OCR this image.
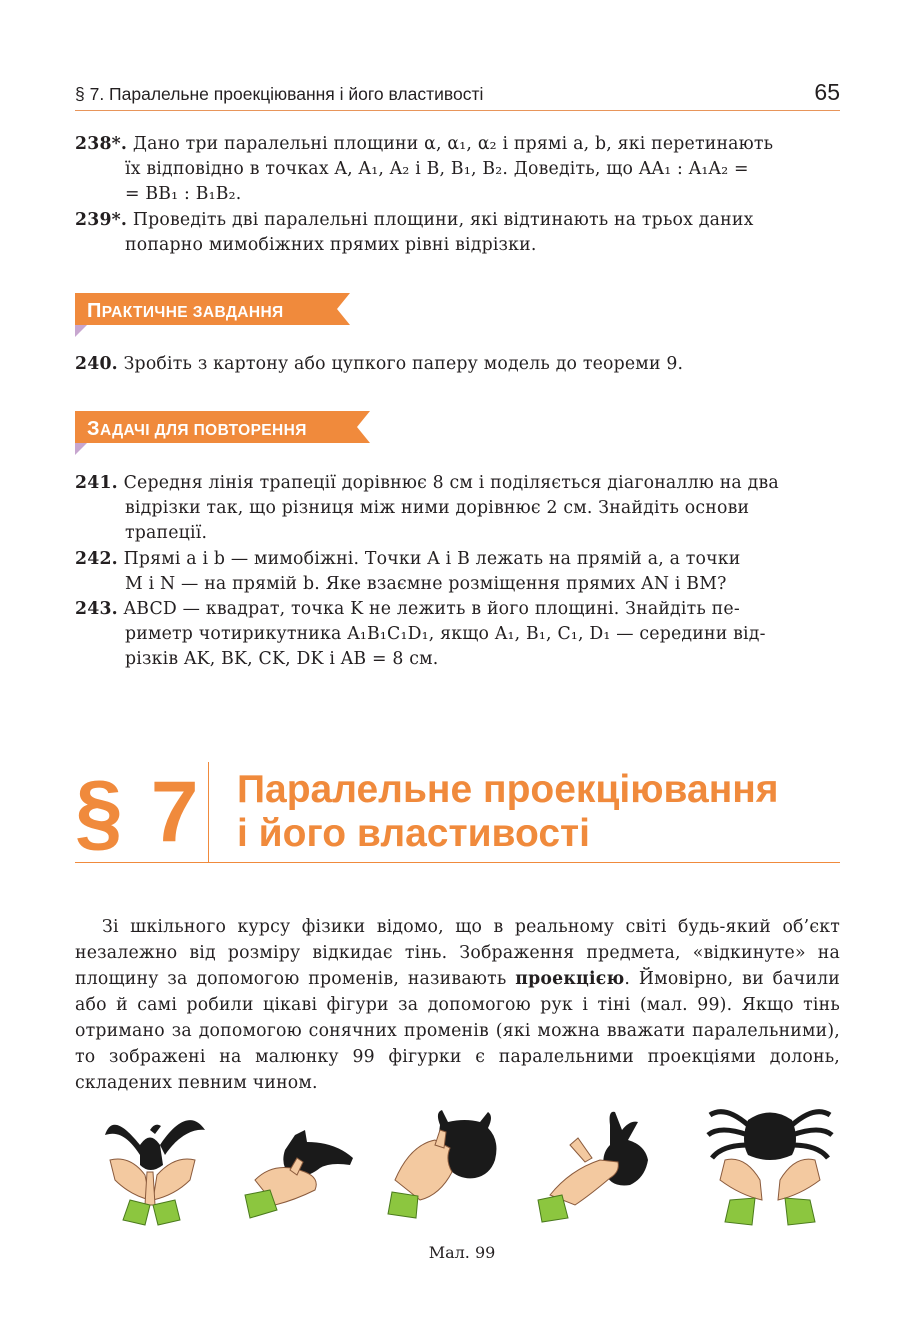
§ 7. Паралельне проекціювання і його властивості	65
238*. Дано три паралельні площини α, α₁, α₂ і прямі a, b, які перетинають
їх відповідно в точках A, A₁, A₂ і B, B₁, B₂. Доведіть, що AA₁ : A₁A₂ =
= BB₁ : B₁B₂.
239*. Проведіть дві паралельні площини, які відтинають на трьох даних
попарно мимобіжних прямих рівні відрізки.
ПРАКТИЧНЕ ЗАВДАННЯ
240. Зробіть з картону або цупкого паперу модель до теореми 9.
ЗАДАЧІ ДЛЯ ПОВТОРЕННЯ
241. Середня лінія трапеції дорівнює 8 см і поділяється діагоналлю на два
відрізки так, що різниця між ними дорівнює 2 см. Знайдіть основи
трапеції.
242. Прямі a і b — мимобіжні. Точки A і B лежать на прямій a, а точки
M і N — на прямій b. Яке взаємне розміщення прямих AN і BM?
243. ABCD — квадрат, точка K не лежить в його площині. Знайдіть пе-
риметр чотирикутника A₁B₁C₁D₁, якщо A₁, B₁, C₁, D₁ — середини від-
різків AK, BK, CK, DK і AB = 8 см.
§ 7 Паралельне проекціювання
і його властивості
Зі шкільного курсу фізики відомо, що в реальному світі будь-який об’єкт незалежно від розміру відкидає тінь. Зображення предмета, «відкинуте» на площину за допомогою променів, називають проекцією. Ймовірно, ви бачили або й самі робили цікаві фігури за допомогою рук і тіні (мал. 99). Якщо тінь отримано за допомогою сонячних променів (які можна вважати паралельними), то зображені на малюнку 99 фігурки є паралельними проекціями долонь, складених певним чином.
Мал. 99
